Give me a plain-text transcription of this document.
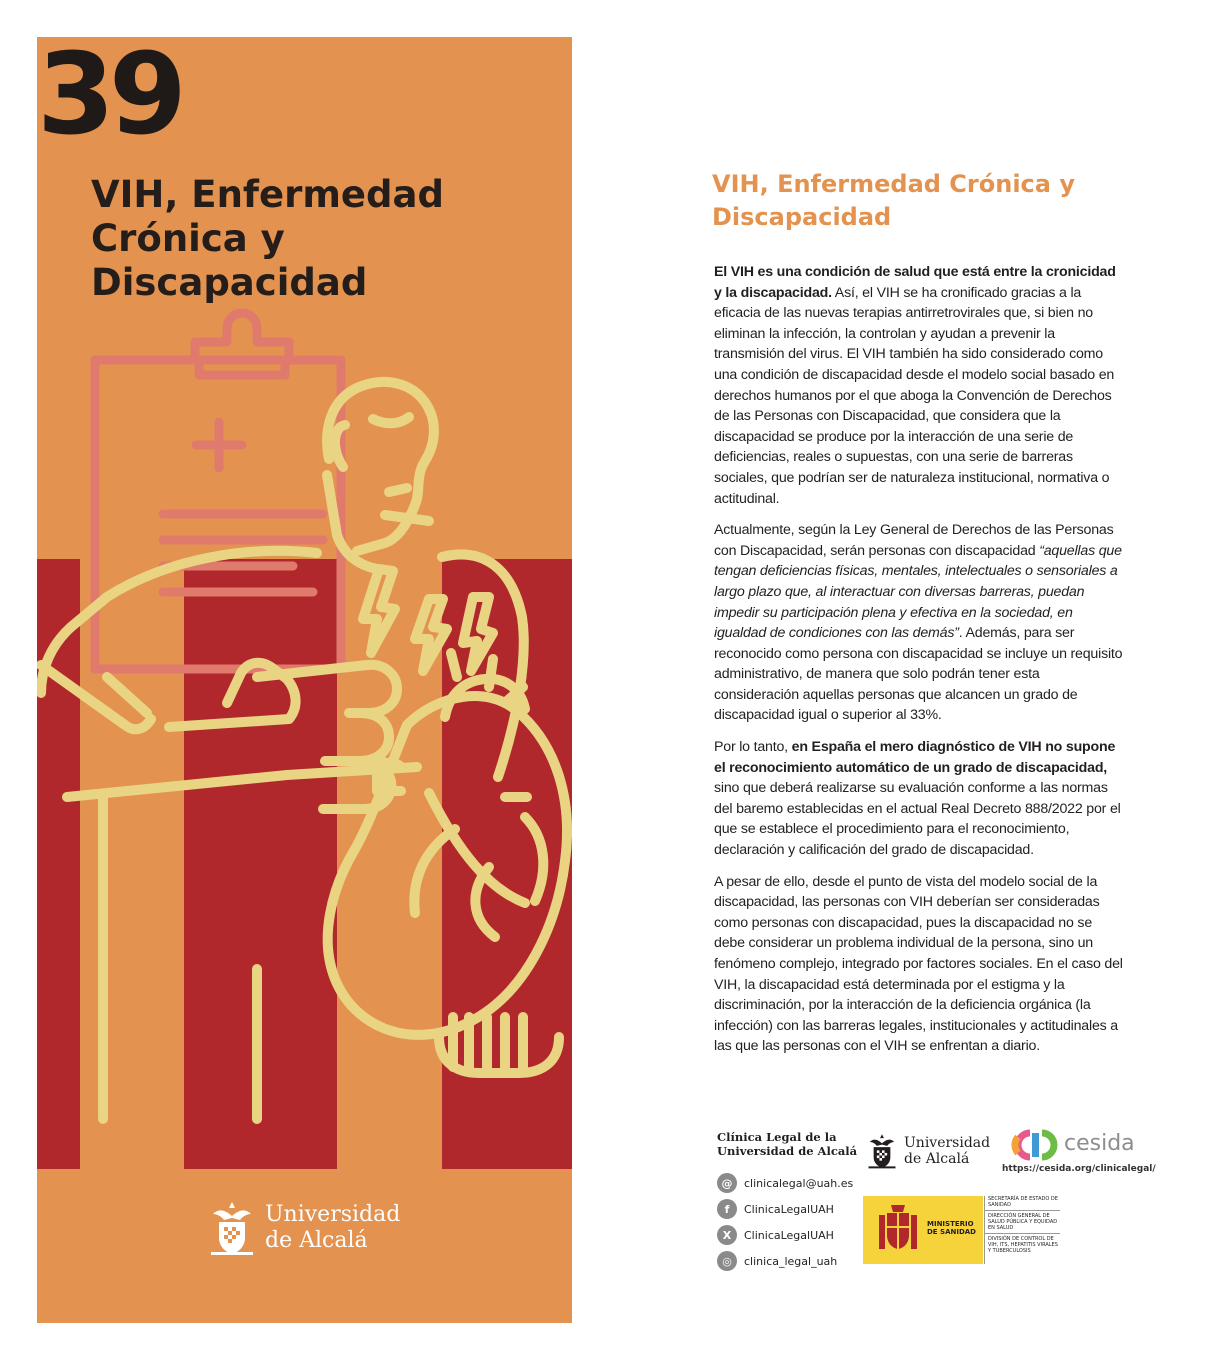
39
VIH, Enfermedad Crónica y Discapacidad
Universidad
de Alcalá
VIH, Enfermedad Crónica y Discapacidad

El VIH es una condición de salud que está entre la cronicidad y la discapacidad. Así, el VIH se ha cronificado gracias a la eficacia de las nuevas terapias antirretrovirales que, si bien no eliminan la infección, la controlan y ayudan a prevenir la transmisión del virus. El VIH también ha sido considerado como una condición de discapacidad desde el modelo social basado en derechos humanos por el que aboga la Convención de Derechos de las Personas con Discapacidad, que considera que la discapacidad se produce por la interacción de una serie de deficiencias, reales o supuestas, con una serie de barreras sociales, que podrían ser de naturaleza institucional, normativa o actitudinal.

Actualmente, según la Ley General de Derechos de las Personas con Discapacidad, serán personas con discapacidad “aquellas que tengan deficiencias físicas, mentales, intelectuales o sensoriales a largo plazo que, al interactuar con diversas barreras, puedan impedir su participación plena y efectiva en la sociedad, en igualdad de condiciones con las demás”. Además, para ser reconocido como persona con discapacidad se incluye un requisito administrativo, de manera que solo podrán tener esta consideración aquellas personas que alcancen un grado de discapacidad igual o superior al 33%.

Por lo tanto, en España el mero diagnóstico de VIH no supone el reconocimiento automático de un grado de discapacidad, sino que deberá realizarse su evaluación conforme a las normas del baremo establecidas en el actual Real Decreto 888/2022 por el que se establece el procedimiento para el reconocimiento, declaración y calificación del grado de discapacidad.

A pesar de ello, desde el punto de vista del modelo social de la discapacidad, las personas con VIH deberían ser consideradas como personas con discapacidad, pues la discapacidad no se debe considerar un problema individual de la persona, sino un fenómeno complejo, integrado por factores sociales. En el caso del VIH, la discapacidad está determinada por el estigma y la discriminación, por la interacción de la deficiencia orgánica (la infección) con las barreras legales, institucionales y actitudinales a las que las personas con el VIH se enfrentan a diario.

Clínica Legal de la Universidad de Alcalá
@	clinicalegal@uah.es
f	ClinicaLegalUAH
X	ClinicaLegalUAH
◎	clinica_legal_uah
Universidad
de Alcalá
cesida
https://cesida.org/clinicalegal/
MINISTERIO DE SANIDAD
SECRETARÍA DE ESTADO DE SANIDAD
DIRECCIÓN GENERAL DE SALUD PÚBLICA Y EQUIDAD EN SALUD
DIVISIÓN DE CONTROL DE VIH, ITS, HEPATITIS VIRALES Y TUBERCULOSIS
